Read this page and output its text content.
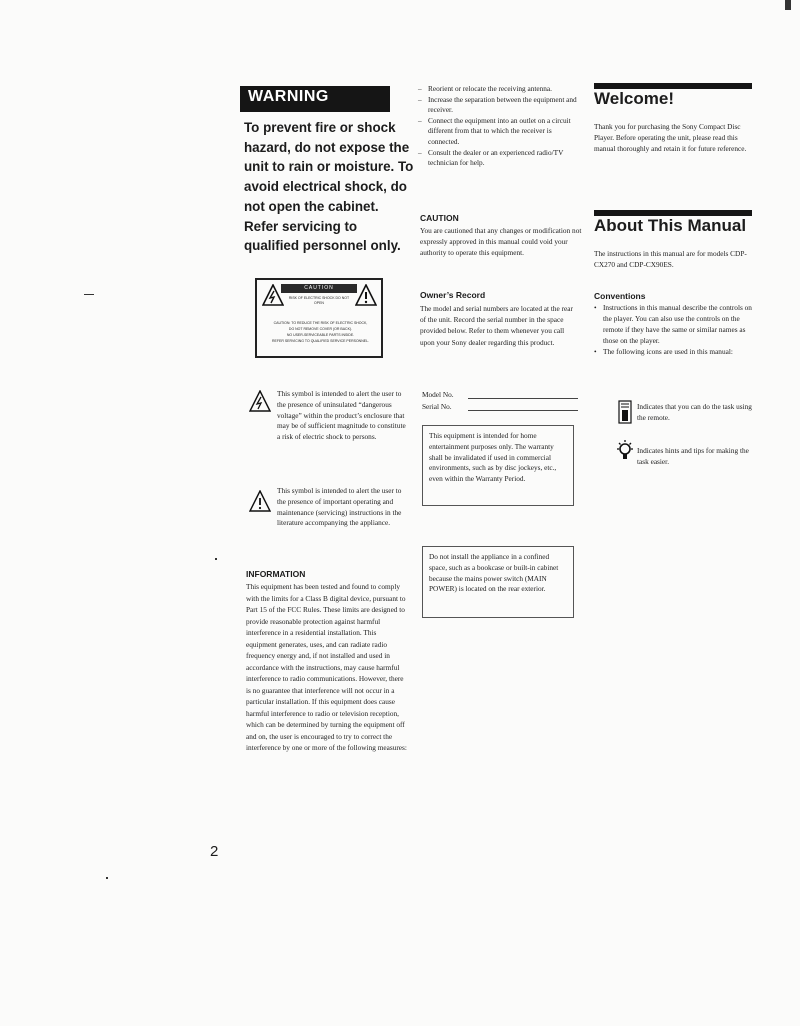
WARNING
To prevent fire or shock hazard, do not expose the unit to rain or moisture. To avoid electrical shock, do not open the cabinet. Refer servicing to qualified personnel only.
CAUTION
RISK OF ELECTRIC SHOCK DO NOT OPEN
CAUTION: TO REDUCE THE RISK OF ELECTRIC SHOCK,
DO NOT REMOVE COVER (OR BACK).
NO USER-SERVICEABLE PARTS INSIDE.
REFER SERVICING TO QUALIFIED SERVICE PERSONNEL.
This symbol is intended to alert the user to the presence of uninsulated “dangerous voltage” within the product’s enclosure that may be of sufficient magnitude to constitute a risk of electric shock to persons.
This symbol is intended to alert the user to the presence of important operating and maintenance (servicing) instructions in the literature accompanying the appliance.
INFORMATION
This equipment has been tested and found to comply with the limits for a Class B digital device, pursuant to Part 15 of the FCC Rules. These limits are designed to provide reasonable protection against harmful interference in a residential installation. This equipment generates, uses, and can radiate radio frequency energy and, if not installed and used in accordance with the instructions, may cause harmful interference to radio communications. However, there is no guarantee that interference will not occur in a particular installation. If this equipment does cause harmful interference to radio or television reception, which can be determined by turning the equipment off and on, the user is encouraged to try to correct the interference by one or more of the following measures:
2
– Reorient or relocate the receiving antenna.
– Increase the separation between the equipment and receiver.
– Connect the equipment into an outlet on a circuit different from that to which the receiver is connected.
– Consult the dealer or an experienced radio/TV technician for help.
CAUTION
You are cautioned that any changes or modification not expressly approved in this manual could void your authority to operate this equipment.
Owner’s Record
The model and serial numbers are located at the rear of the unit. Record the serial number in the space provided below. Refer to them whenever you call upon your Sony dealer regarding this product.
Model No.
Serial No.
This equipment is intended for home entertainment purposes only. The warranty shall be invalidated if used in commercial environments, such as by disc jockeys, etc., even within the Warranty Period.
Do not install the appliance in a confined space, such as a bookcase or built-in cabinet because the mains power switch (MAIN POWER) is located on the rear exterior.
Welcome!
Thank you for purchasing the Sony Compact Disc Player. Before operating the unit, please read this manual thoroughly and retain it for future reference.
About This Manual
The instructions in this manual are for models CDP-CX270 and CDP-CX90ES.
Conventions
• Instructions in this manual describe the controls on the player. You can also use the controls on the remote if they have the same or similar names as those on the player.
• The following icons are used in this manual:
Indicates that you can do the task using the remote.
Indicates hints and tips for making the task easier.
